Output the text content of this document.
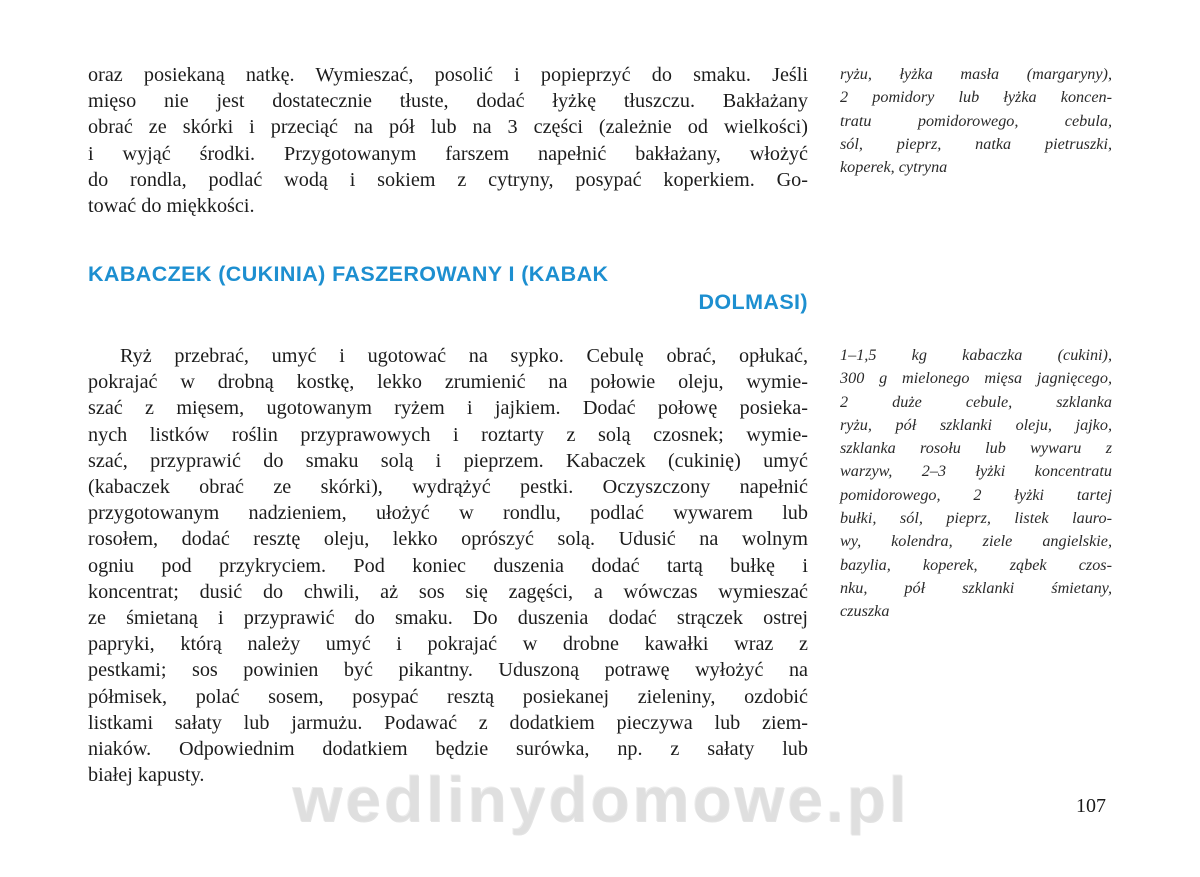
oraz posiekaną natkę. Wymieszać, posolić i popieprzyć do smaku. Jeśli
mięso nie jest dostatecznie tłuste, dodać łyżkę tłuszczu. Bakłażany
obrać ze skórki i przeciąć na pół lub na 3 części (zależnie od wielkości)
i wyjąć środki. Przygotowanym farszem napełnić bakłażany, włożyć
do rondla, podlać wodą i sokiem z cytryny, posypać koperkiem. Go-
tować do miękkości.
ryżu, łyżka masła (margaryny),
2 pomidory lub łyżka koncen-
tratu pomidorowego, cebula,
sól, pieprz, natka pietruszki,
koperek, cytryna
KABACZEK (CUKINIA) FASZEROWANY I (KABAK
DOLMASI)
Ryż przebrać, umyć i ugotować na sypko. Cebulę obrać, opłukać,
pokrajać w drobną kostkę, lekko zrumienić na połowie oleju, wymie-
szać z mięsem, ugotowanym ryżem i jajkiem. Dodać połowę posieka-
nych listków roślin przyprawowych i roztarty z solą czosnek; wymie-
szać, przyprawić do smaku solą i pieprzem. Kabaczek (cukinię) umyć
(kabaczek obrać ze skórki), wydrążyć pestki. Oczyszczony napełnić
przygotowanym nadzieniem, ułożyć w rondlu, podlać wywarem lub
rosołem, dodać resztę oleju, lekko oprószyć solą. Udusić na wolnym
ogniu pod przykryciem. Pod koniec duszenia dodać tartą bułkę i
koncentrat; dusić do chwili, aż sos się zagęści, a wówczas wymieszać
ze śmietaną i przyprawić do smaku. Do duszenia dodać strączek ostrej
papryki, którą należy umyć i pokrajać w drobne kawałki wraz z
pestkami; sos powinien być pikantny. Uduszoną potrawę wyłożyć na
półmisek, polać sosem, posypać resztą posiekanej zieleniny, ozdobić
listkami sałaty lub jarmużu. Podawać z dodatkiem pieczywa lub ziem-
niaków. Odpowiednim dodatkiem będzie surówka, np. z sałaty lub
białej kapusty.
1–1,5 kg kabaczka (cukini),
300 g mielonego mięsa jagnięcego,
2 duże cebule, szklanka
ryżu, pół szklanki oleju, jajko,
szklanka rosołu lub wywaru z
warzyw, 2–3 łyżki koncentratu
pomidorowego, 2 łyżki tartej
bułki, sól, pieprz, listek lauro-
wy, kolendra, ziele angielskie,
bazylia, koperek, ząbek czos-
nku, pół szklanki śmietany,
czuszka
wedlinydomowe.pl	107
